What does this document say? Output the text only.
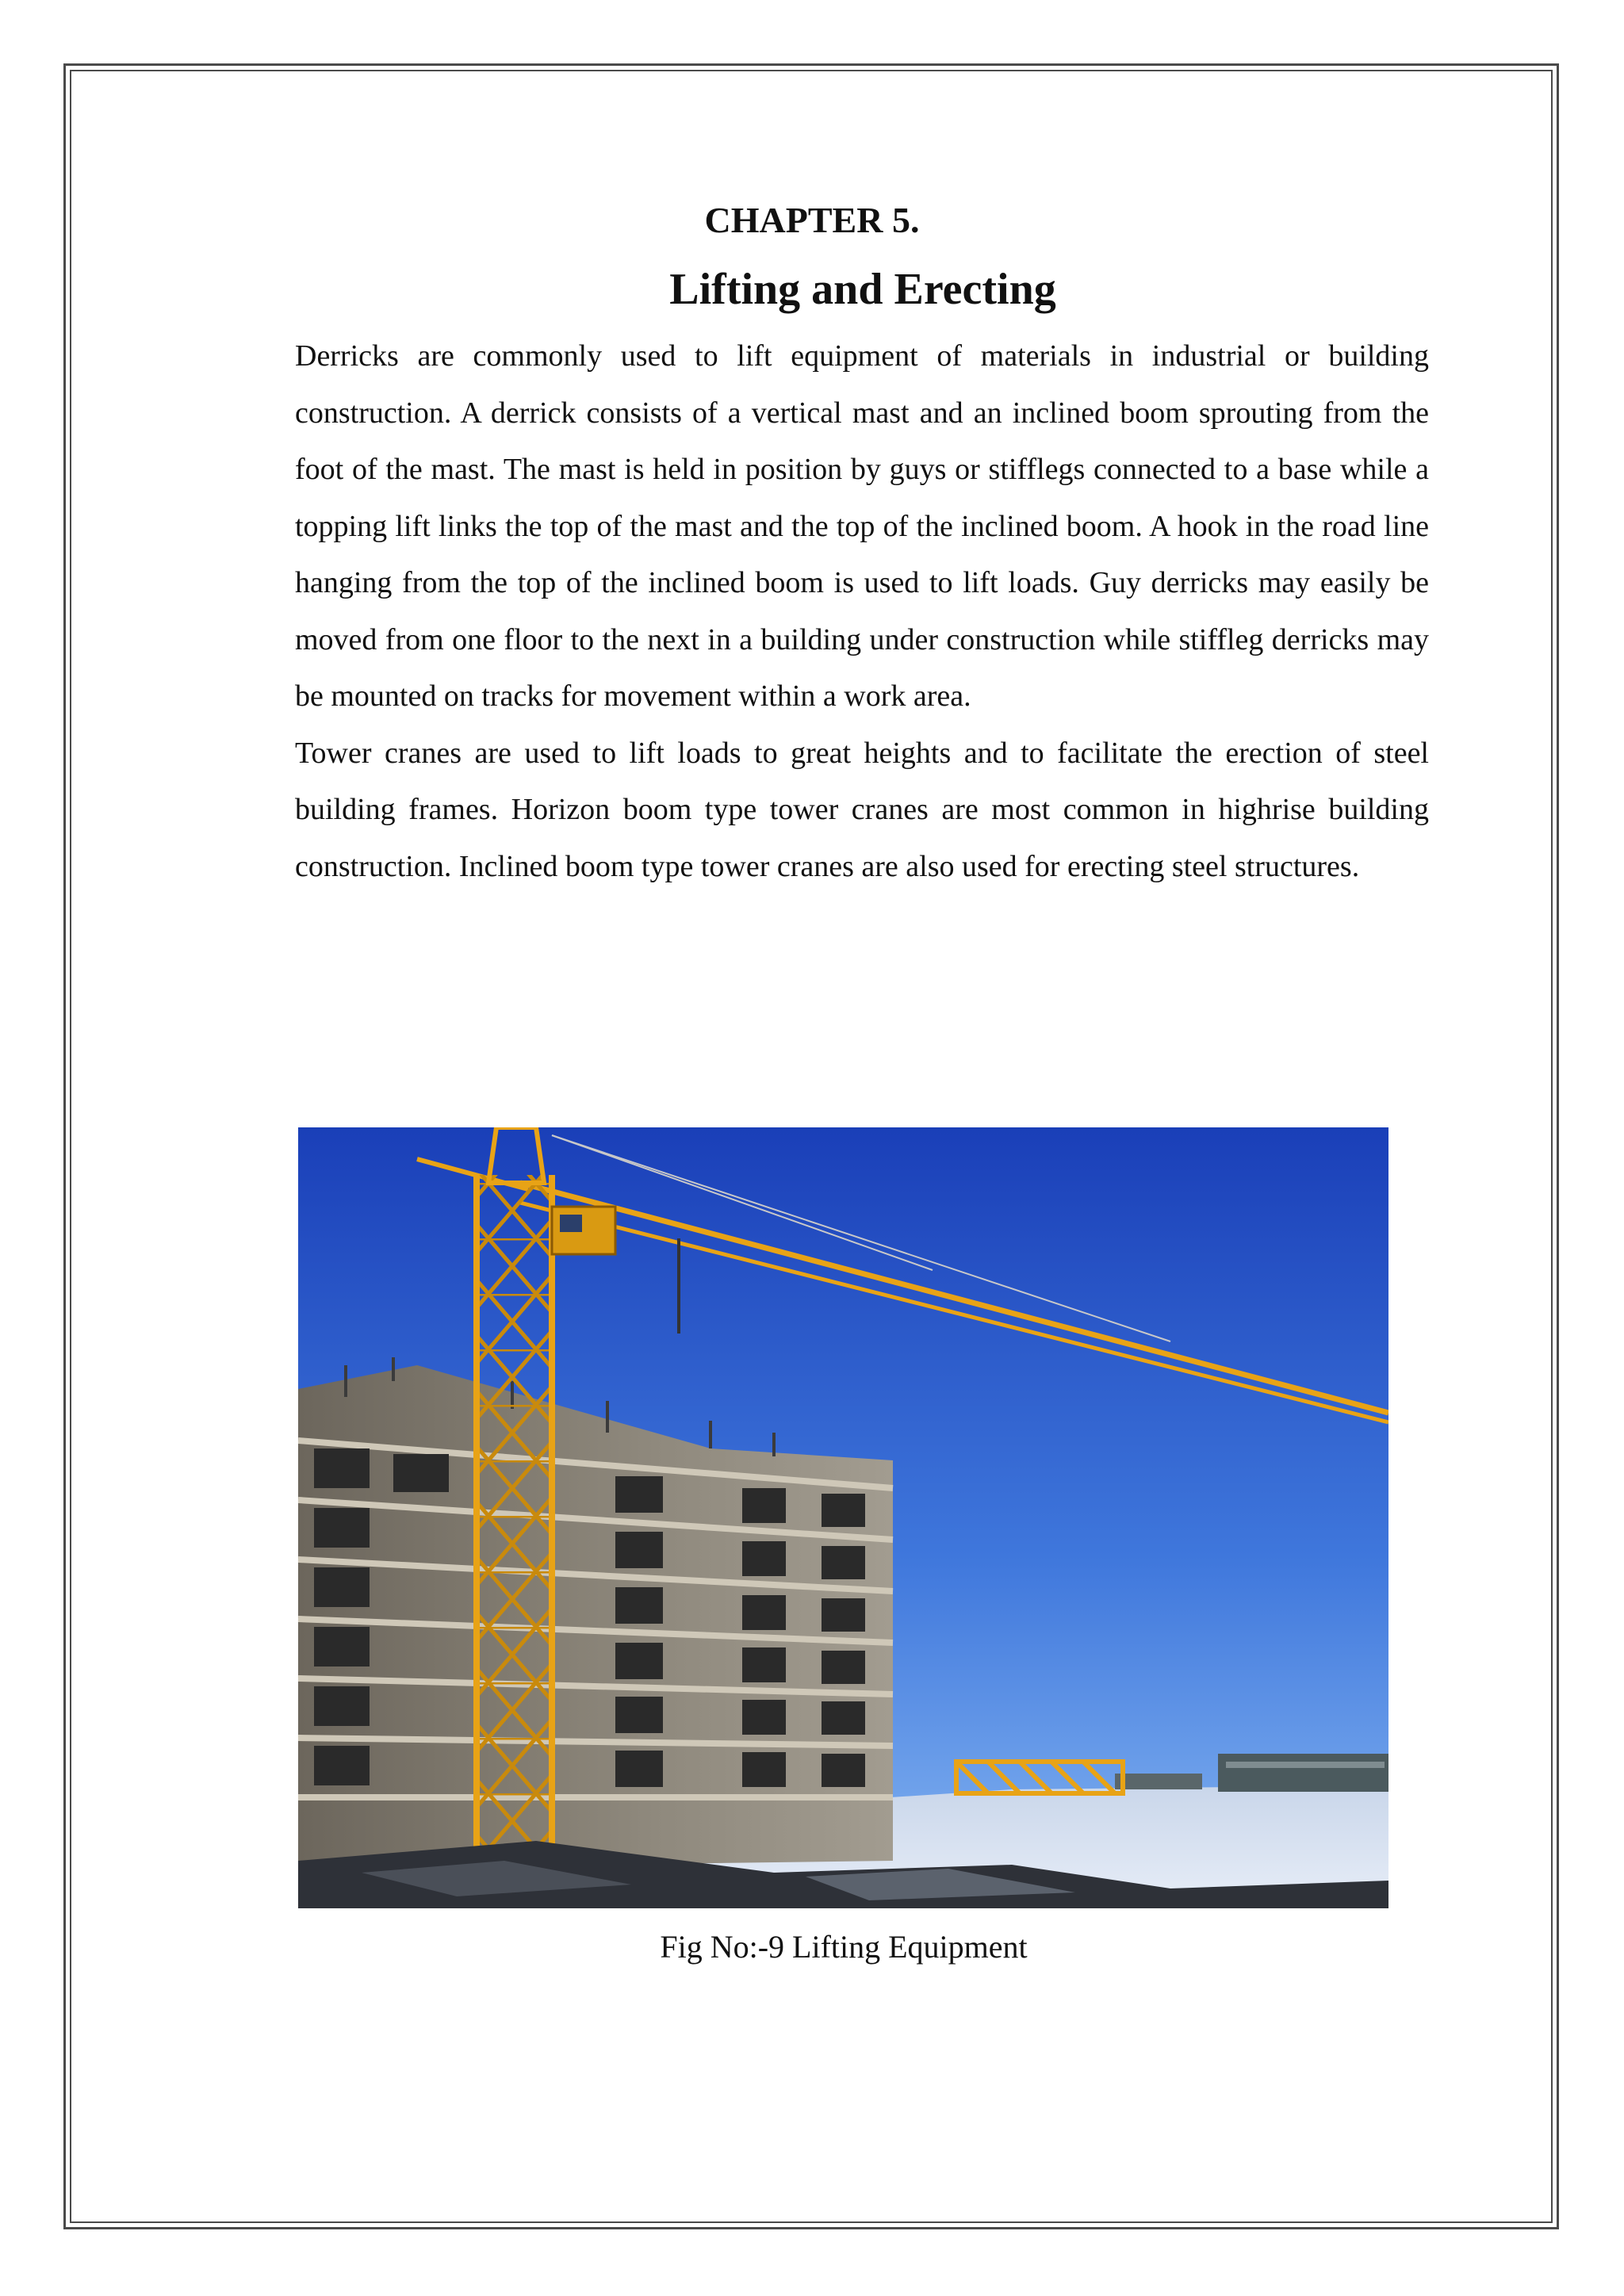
CHAPTER 5.
Lifting and Erecting

Derricks are commonly used to lift equipment of materials in industrial or building construction. A derrick consists of a vertical mast and an inclined boom sprouting from the foot of the mast. The mast is held in position by guys or stifflegs connected to a base while a topping lift links the top of the mast and the top of the inclined boom. A hook in the road line hanging from the top of the inclined boom is used to lift loads. Guy derricks may easily be moved from one floor to the next in a building under construction while stiffleg derricks may be mounted on tracks for movement within a work area.

Tower cranes are used to lift loads to great heights and to facilitate the erection of steel building frames. Horizon boom type tower cranes are most common in highrise building construction. Inclined boom type tower cranes are also used for erecting steel structures.

Fig No:-9 Lifting Equipment
